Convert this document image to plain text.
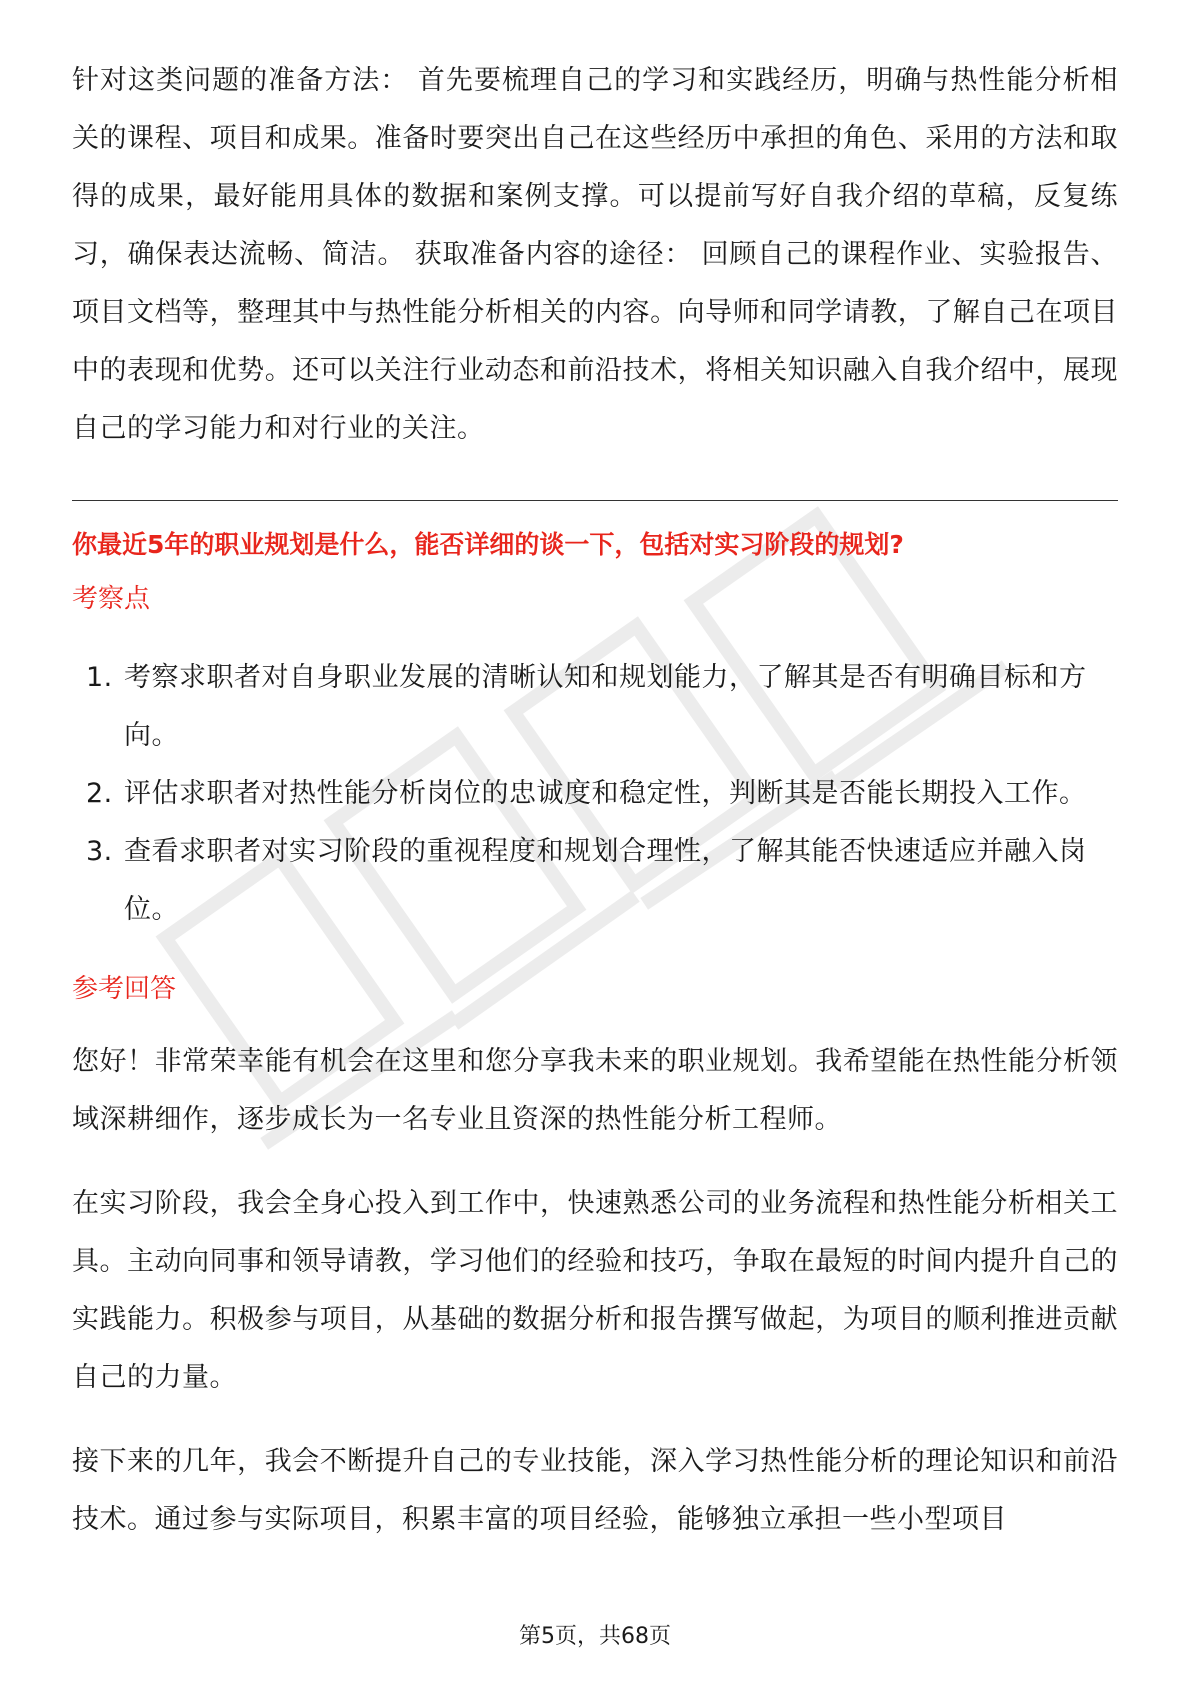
针对这类问题的准备方法： 首先要梳理自己的学习和实践经历，明确与热性能分析相关的课程、项目和成果。准备时要突出自己在这些经历中承担的角色、采用的方法和取得的成果，最好能用具体的数据和案例支撑。可以提前写好自我介绍的草稿，反复练习，确保表达流畅、简洁。 获取准备内容的途径： 回顾自己的课程作业、实验报告、项目文档等，整理其中与热性能分析相关的内容。向导师和同学请教，了解自己在项目中的表现和优势。还可以关注行业动态和前沿技术，将相关知识融入自我介绍中，展现自己的学习能力和对行业的关注。

你最近5年的职业规划是什么，能否详细的谈一下，包括对实习阶段的规划?
考察点
1. 考察求职者对自身职业发展的清晰认知和规划能力，了解其是否有明确目标和方向。
2. 评估求职者对热性能分析岗位的忠诚度和稳定性，判断其是否能长期投入工作。
3. 查看求职者对实习阶段的重视程度和规划合理性，了解其能否快速适应并融入岗位。
参考回答

您好！非常荣幸能有机会在这里和您分享我未来的职业规划。我希望能在热性能分析领域深耕细作，逐步成长为一名专业且资深的热性能分析工程师。

在实习阶段，我会全身心投入到工作中，快速熟悉公司的业务流程和热性能分析相关工具。主动向同事和领导请教，学习他们的经验和技巧，争取在最短的时间内提升自己的实践能力。积极参与项目，从基础的数据分析和报告撰写做起，为项目的顺利推进贡献自己的力量。

接下来的几年，我会不断提升自己的专业技能，深入学习热性能分析的理论知识和前沿技术。通过参与实际项目，积累丰富的项目经验，能够独立承担一些小型项目

第5页，共68页
